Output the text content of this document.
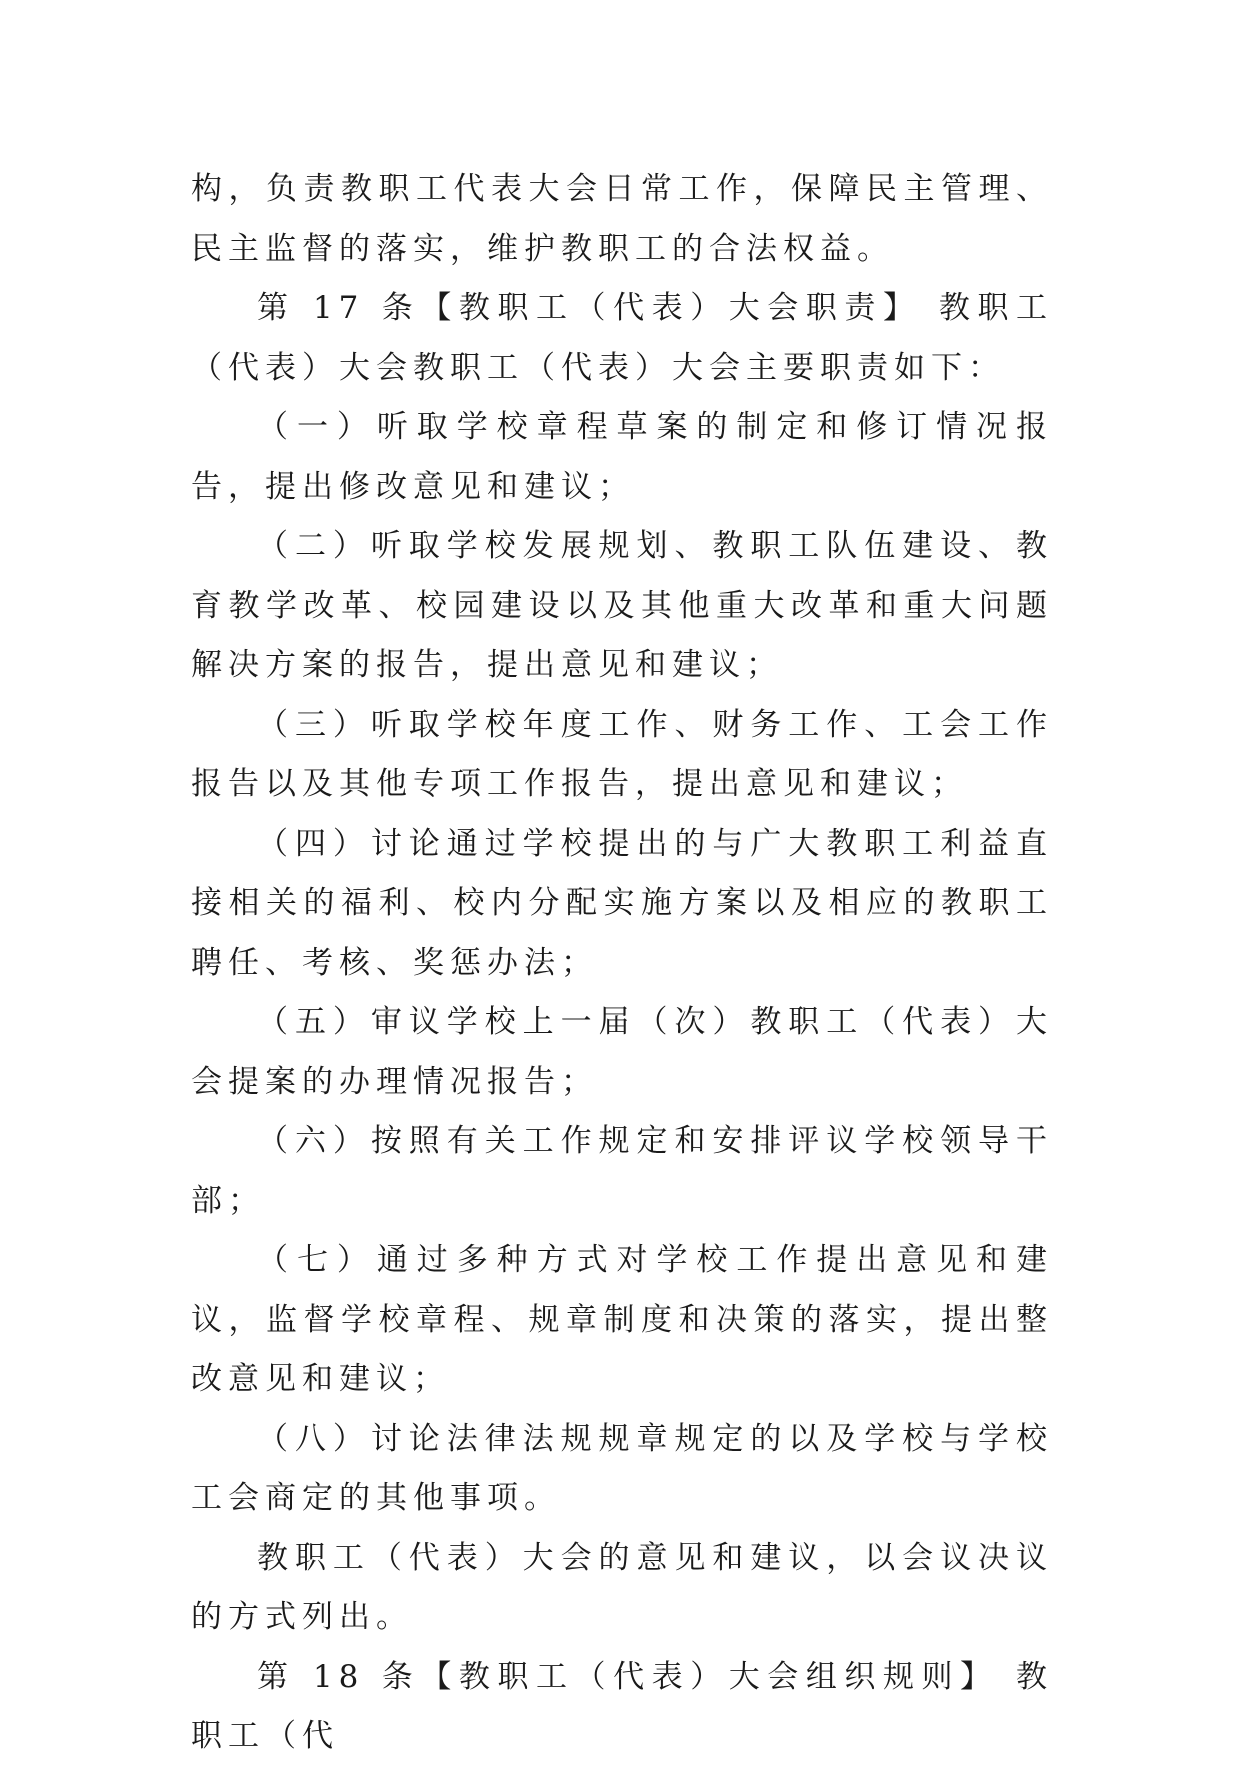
构，负责教职工代表大会日常工作，保障民主管理、民主监督的落实，维护教职工的合法权益。

第 17 条【教职工（代表）大会职责】 教职工（代表）大会教职工（代表）大会主要职责如下：

（一）听取学校章程草案的制定和修订情况报告，提出修改意见和建议；

（二）听取学校发展规划、教职工队伍建设、教育教学改革、校园建设以及其他重大改革和重大问题解决方案的报告，提出意见和建议；

（三）听取学校年度工作、财务工作、工会工作报告以及其他专项工作报告，提出意见和建议；

（四）讨论通过学校提出的与广大教职工利益直接相关的福利、校内分配实施方案以及相应的教职工聘任、考核、奖惩办法；

（五）审议学校上一届（次）教职工（代表）大会提案的办理情况报告；

（六）按照有关工作规定和安排评议学校领导干部；

（七）通过多种方式对学校工作提出意见和建议，监督学校章程、规章制度和决策的落实，提出整改意见和建议；

（八）讨论法律法规规章规定的以及学校与学校工会商定的其他事项。

教职工（代表）大会的意见和建议，以会议决议的方式列出。

第 18 条【教职工（代表）大会组织规则】 教职工（代
